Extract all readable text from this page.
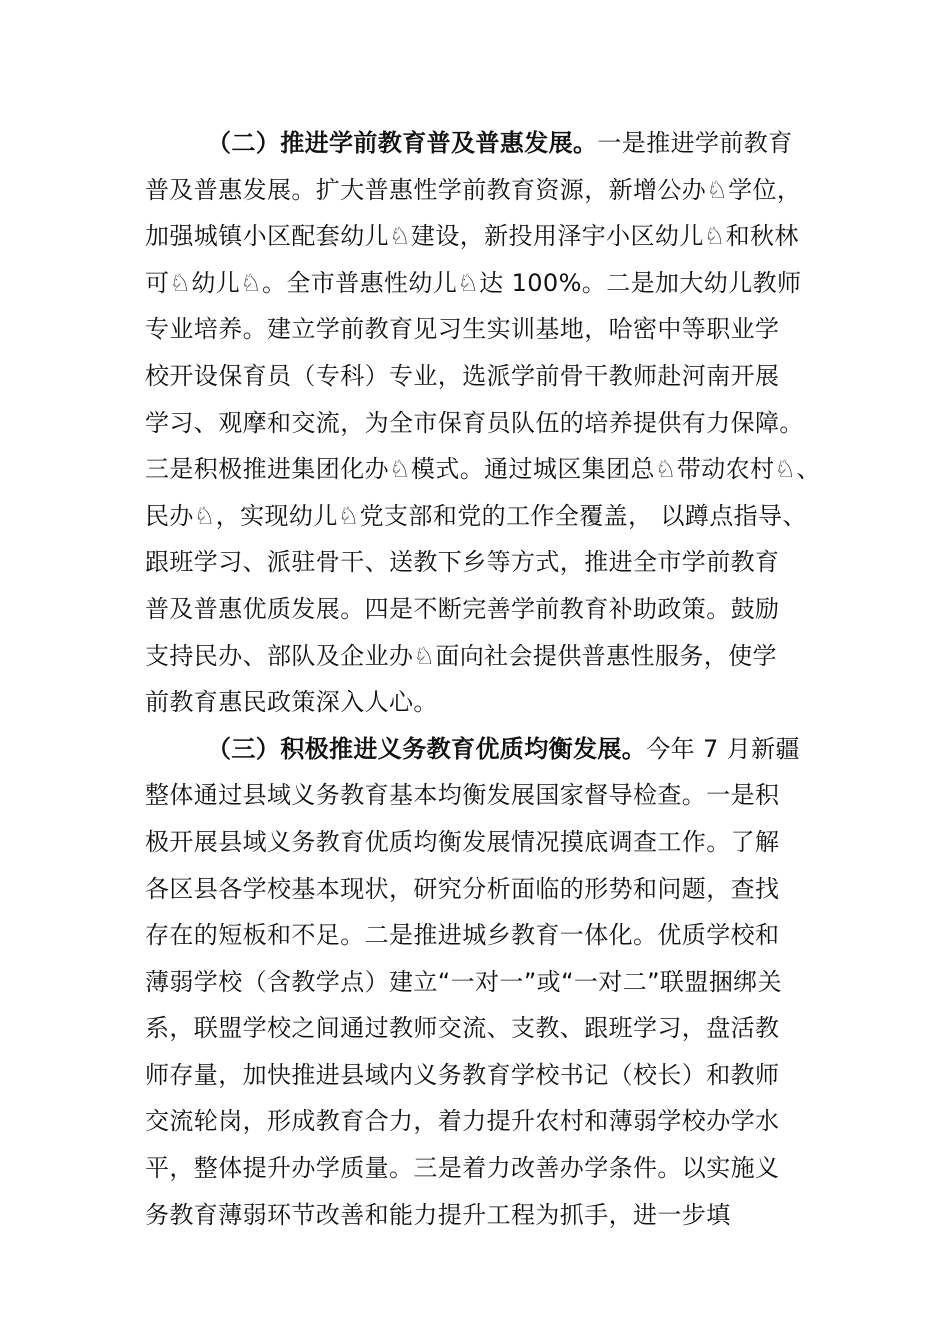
（二）推进学前教育普及普惠发展。一是推进学前教育
普及普惠发展。扩大普惠性学前教育资源，新增公办♘学位，
加强城镇小区配套幼儿♘建设，新投用泽宇小区幼儿♘和秋林
可♘幼儿♘。全市普惠性幼儿♘达 100%。二是加大幼儿教师
专业培养。建立学前教育见习生实训基地，哈密中等职业学
校开设保育员（专科）专业，选派学前骨干教师赴河南开展
学习、观摩和交流，为全市保育员队伍的培养提供有力保障。
三是积极推进集团化办♘模式。通过城区集团总♘带动农村♘、
民办♘，实现幼儿♘党支部和党的工作全覆盖， 以蹲点指导、
跟班学习、派驻骨干、送教下乡等方式，推进全市学前教育
普及普惠优质发展。四是不断完善学前教育补助政策。鼓励
支持民办、部队及企业办♘面向社会提供普惠性服务，使学
前教育惠民政策深入人心。
（三）积极推进义务教育优质均衡发展。今年 7 月新疆
整体通过县域义务教育基本均衡发展国家督导检查。一是积
极开展县域义务教育优质均衡发展情况摸底调查工作。了解
各区县各学校基本现状，研究分析面临的形势和问题，查找
存在的短板和不足。二是推进城乡教育一体化。优质学校和
薄弱学校（含教学点）建立“一对一”或“一对二”联盟捆绑关
系，联盟学校之间通过教师交流、支教、跟班学习，盘活教
师存量，加快推进县域内义务教育学校书记（校长）和教师
交流轮岗，形成教育合力，着力提升农村和薄弱学校办学水
平，整体提升办学质量。三是着力改善办学条件。以实施义
务教育薄弱环节改善和能力提升工程为抓手，进一步填
